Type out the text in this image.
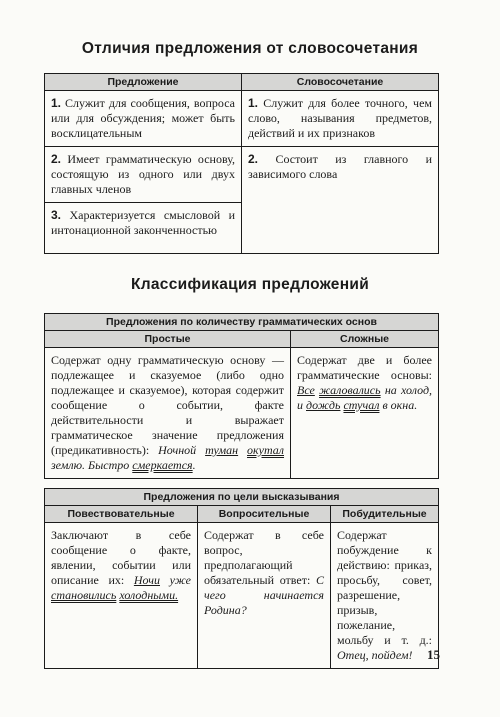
Отличия предложения от словосочетания
Предложение	Словосочетание
1. Служит для сообщения, вопроса или для обсуждения; может быть восклицательным	1. Служит для более точного, чем слово, называния предметов, действий и их признаков
2. Имеет грамматическую основу, состоящую из одного или двух главных членов	2. Состоит из главного и зависимого слова
3. Характеризуется смысловой и интонационной законченностью	
Классификация предложений
Предложения по количеству грамматических основ	
Простые	Сложные
Содержат одну грамматическую основу — подлежащее и сказуемое (либо одно подлежащее и сказуемое), которая содержит сообщение о событии, факте действительности и выражает грамматическое значение предложения (предикативность): Ночной туман окутал землю. Быстро смеркается.	Содержат две и более грамматические основы: Все жаловались на холод, и дождь стучал в окна.
Предложения по цели высказывания		
Повествовательные	Вопросительные	Побудительные
Заключают в себе сообщение о факте, явлении, событии или описание их: Ночи уже становились холодными.	Содержат в себе вопрос, предполагающий обязательный ответ: С чего начинается Родина?	Содержат побуждение к действию: приказ, просьбу, совет, разрешение, призыв, пожелание, мольбу и т. д.: Отец, пойдем! 15
